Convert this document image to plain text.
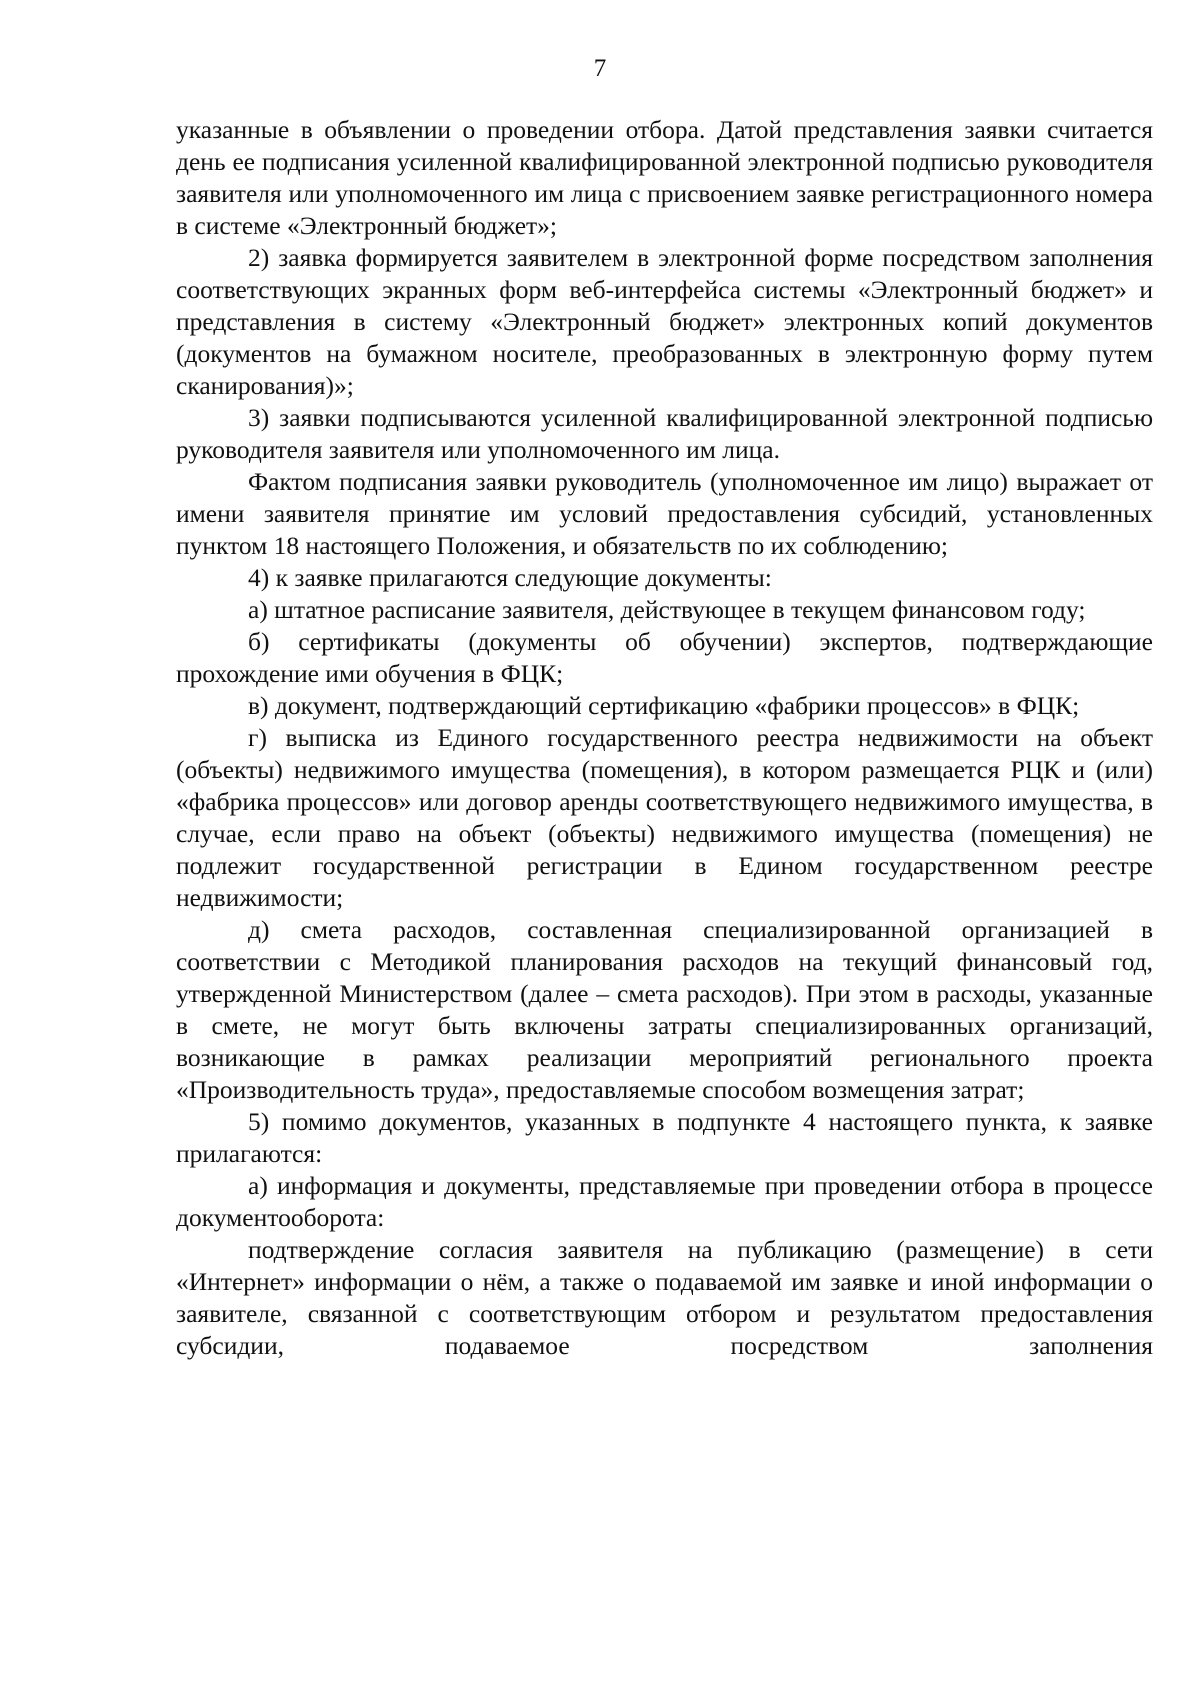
7

указанные в объявлении о проведении отбора. Датой представления заявки считается день ее подписания усиленной квалифицированной электронной подписью руководителя заявителя или уполномоченного им лица с присвоением заявке регистрационного номера в системе «Электронный бюджет»;

2) заявка формируется заявителем в электронной форме посредством заполнения соответствующих экранных форм веб-интерфейса системы «Электронный бюджет» и представления в систему «Электронный бюджет» электронных копий документов (документов на бумажном носителе, преобразованных в электронную форму путем сканирования)»;

3) заявки подписываются усиленной квалифицированной электронной подписью руководителя заявителя или уполномоченного им лица.

Фактом подписания заявки руководитель (уполномоченное им лицо) выражает от имени заявителя принятие им условий предоставления субсидий, установленных пунктом 18 настоящего Положения, и обязательств по их соблюдению;

4) к заявке прилагаются следующие документы:

а) штатное расписание заявителя, действующее в текущем финансовом году;

б) сертификаты (документы об обучении) экспертов, подтверждающие прохождение ими обучения в ФЦК;

в) документ, подтверждающий сертификацию «фабрики процессов» в ФЦК;

г) выписка из Единого государственного реестра недвижимости на объект (объекты) недвижимого имущества (помещения), в котором размещается РЦК и (или) «фабрика процессов» или договор аренды соответствующего недвижимого имущества, в случае, если право на объект (объекты) недвижимого имущества (помещения) не подлежит государственной регистрации в Едином государственном реестре недвижимости;

д) смета расходов, составленная специализированной организацией в соответствии с Методикой планирования расходов на текущий финансовый год, утвержденной Министерством (далее – смета расходов). При этом в расходы, указанные в смете, не могут быть включены затраты специализированных организаций, возникающие в рамках реализации мероприятий регионального проекта «Производительность труда», предоставляемые способом возмещения затрат;

5) помимо документов, указанных в подпункте 4 настоящего пункта, к заявке прилагаются:

а) информация и документы, представляемые при проведении отбора в процессе документооборота:

подтверждение согласия заявителя на публикацию (размещение) в сети «Интернет» информации о нём, а также о подаваемой им заявке и иной информации о заявителе, связанной с соответствующим отбором и результатом предоставления субсидии, подаваемое посредством заполнения
